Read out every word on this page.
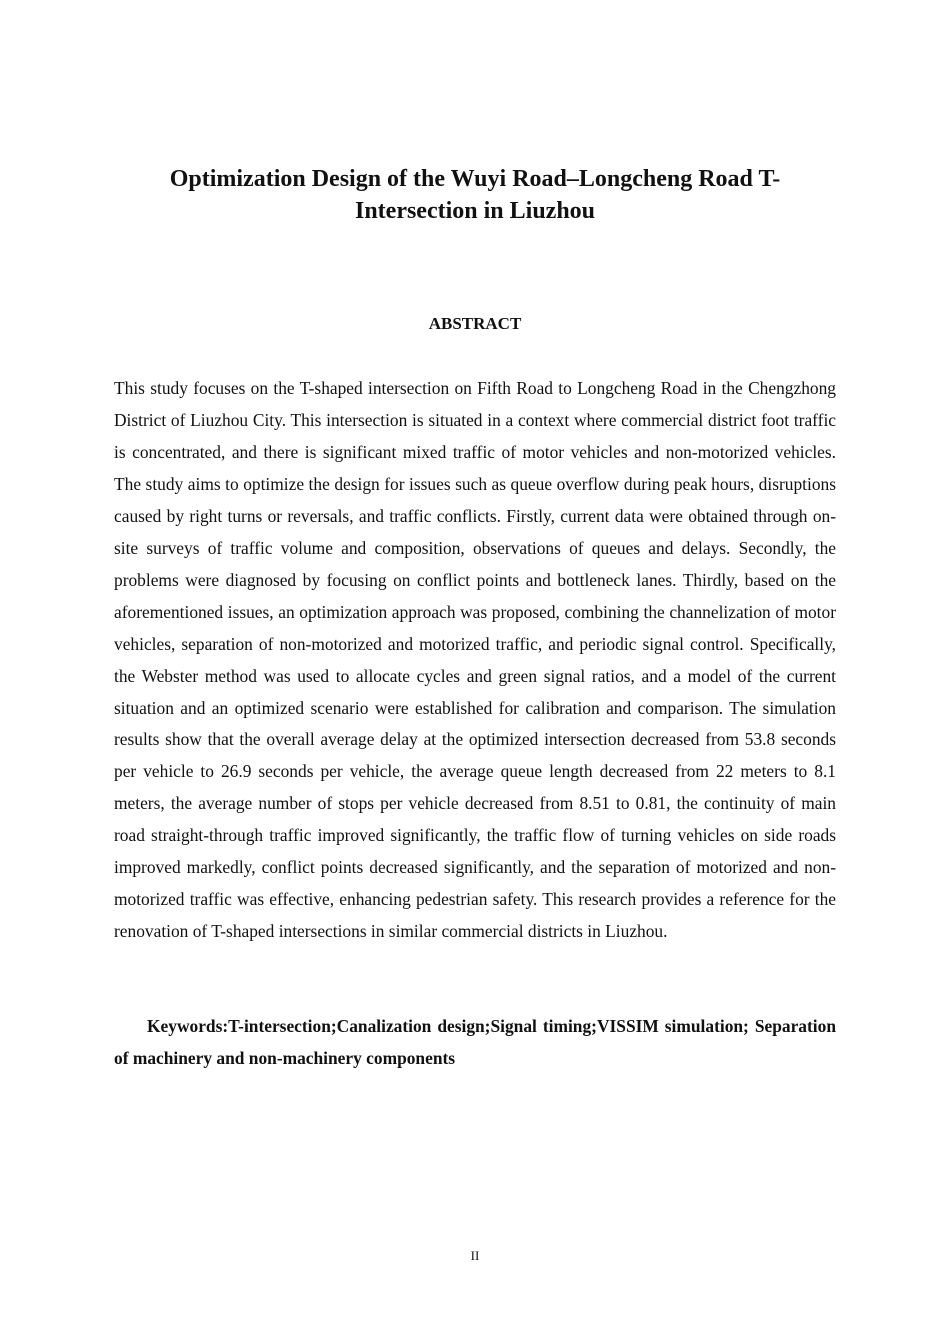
Optimization Design of the Wuyi Road–Longcheng Road T-Intersection in Liuzhou
ABSTRACT

This study focuses on the T-shaped intersection on Fifth Road to Longcheng Road in the Chengzhong District of Liuzhou City. This intersection is situated in a context where commercial district foot traffic is concentrated, and there is significant mixed traffic of motor vehicles and non-motorized vehicles. The study aims to optimize the design for issues such as queue overflow during peak hours, disruptions caused by right turns or reversals, and traffic conflicts. Firstly, current data were obtained through on-site surveys of traffic volume and composition, observations of queues and delays. Secondly, the problems were diagnosed by focusing on conflict points and bottleneck lanes. Thirdly, based on the aforementioned issues, an optimization approach was proposed, combining the channelization of motor vehicles, separation of non-motorized and motorized traffic, and periodic signal control. Specifically, the Webster method was used to allocate cycles and green signal ratios, and a model of the current situation and an optimized scenario were established for calibration and comparison. The simulation results show that the overall average delay at the optimized intersection decreased from 53.8 seconds per vehicle to 26.9 seconds per vehicle, the average queue length decreased from 22 meters to 8.1 meters, the average number of stops per vehicle decreased from 8.51 to 0.81, the continuity of main road straight-through traffic improved significantly, the traffic flow of turning vehicles on side roads improved markedly, conflict points decreased significantly, and the separation of motorized and non-motorized traffic was effective, enhancing pedestrian safety. This research provides a reference for the renovation of T-shaped intersections in similar commercial districts in Liuzhou.

Keywords:T-intersection;Canalization design;Signal timing;VISSIM simulation; Separation of machinery and non-machinery components

II
